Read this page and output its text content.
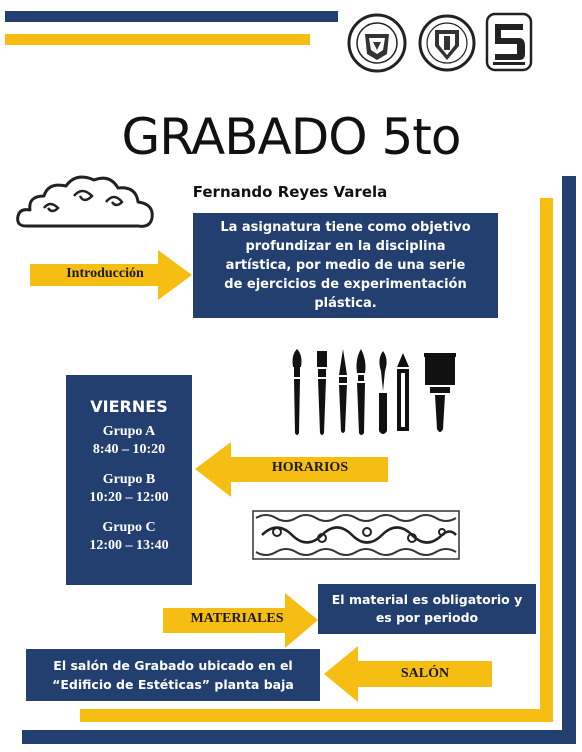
GRABADO 5to
Fernando Reyes Varela
Introducción
La asignatura tiene como objetivo profundizar en la disciplina artística, por medio de una serie de ejercicios de experimentación plástica.
VIERNES
Grupo A
8:40 – 10:20
Grupo B
10:20 – 12:00
Grupo C
12:00 – 13:40
HORARIOS
MATERIALES
El material es obligatorio y es por periodo
El salón de Grabado ubicado en el “Edificio de Estéticas” planta baja
SALÓN
